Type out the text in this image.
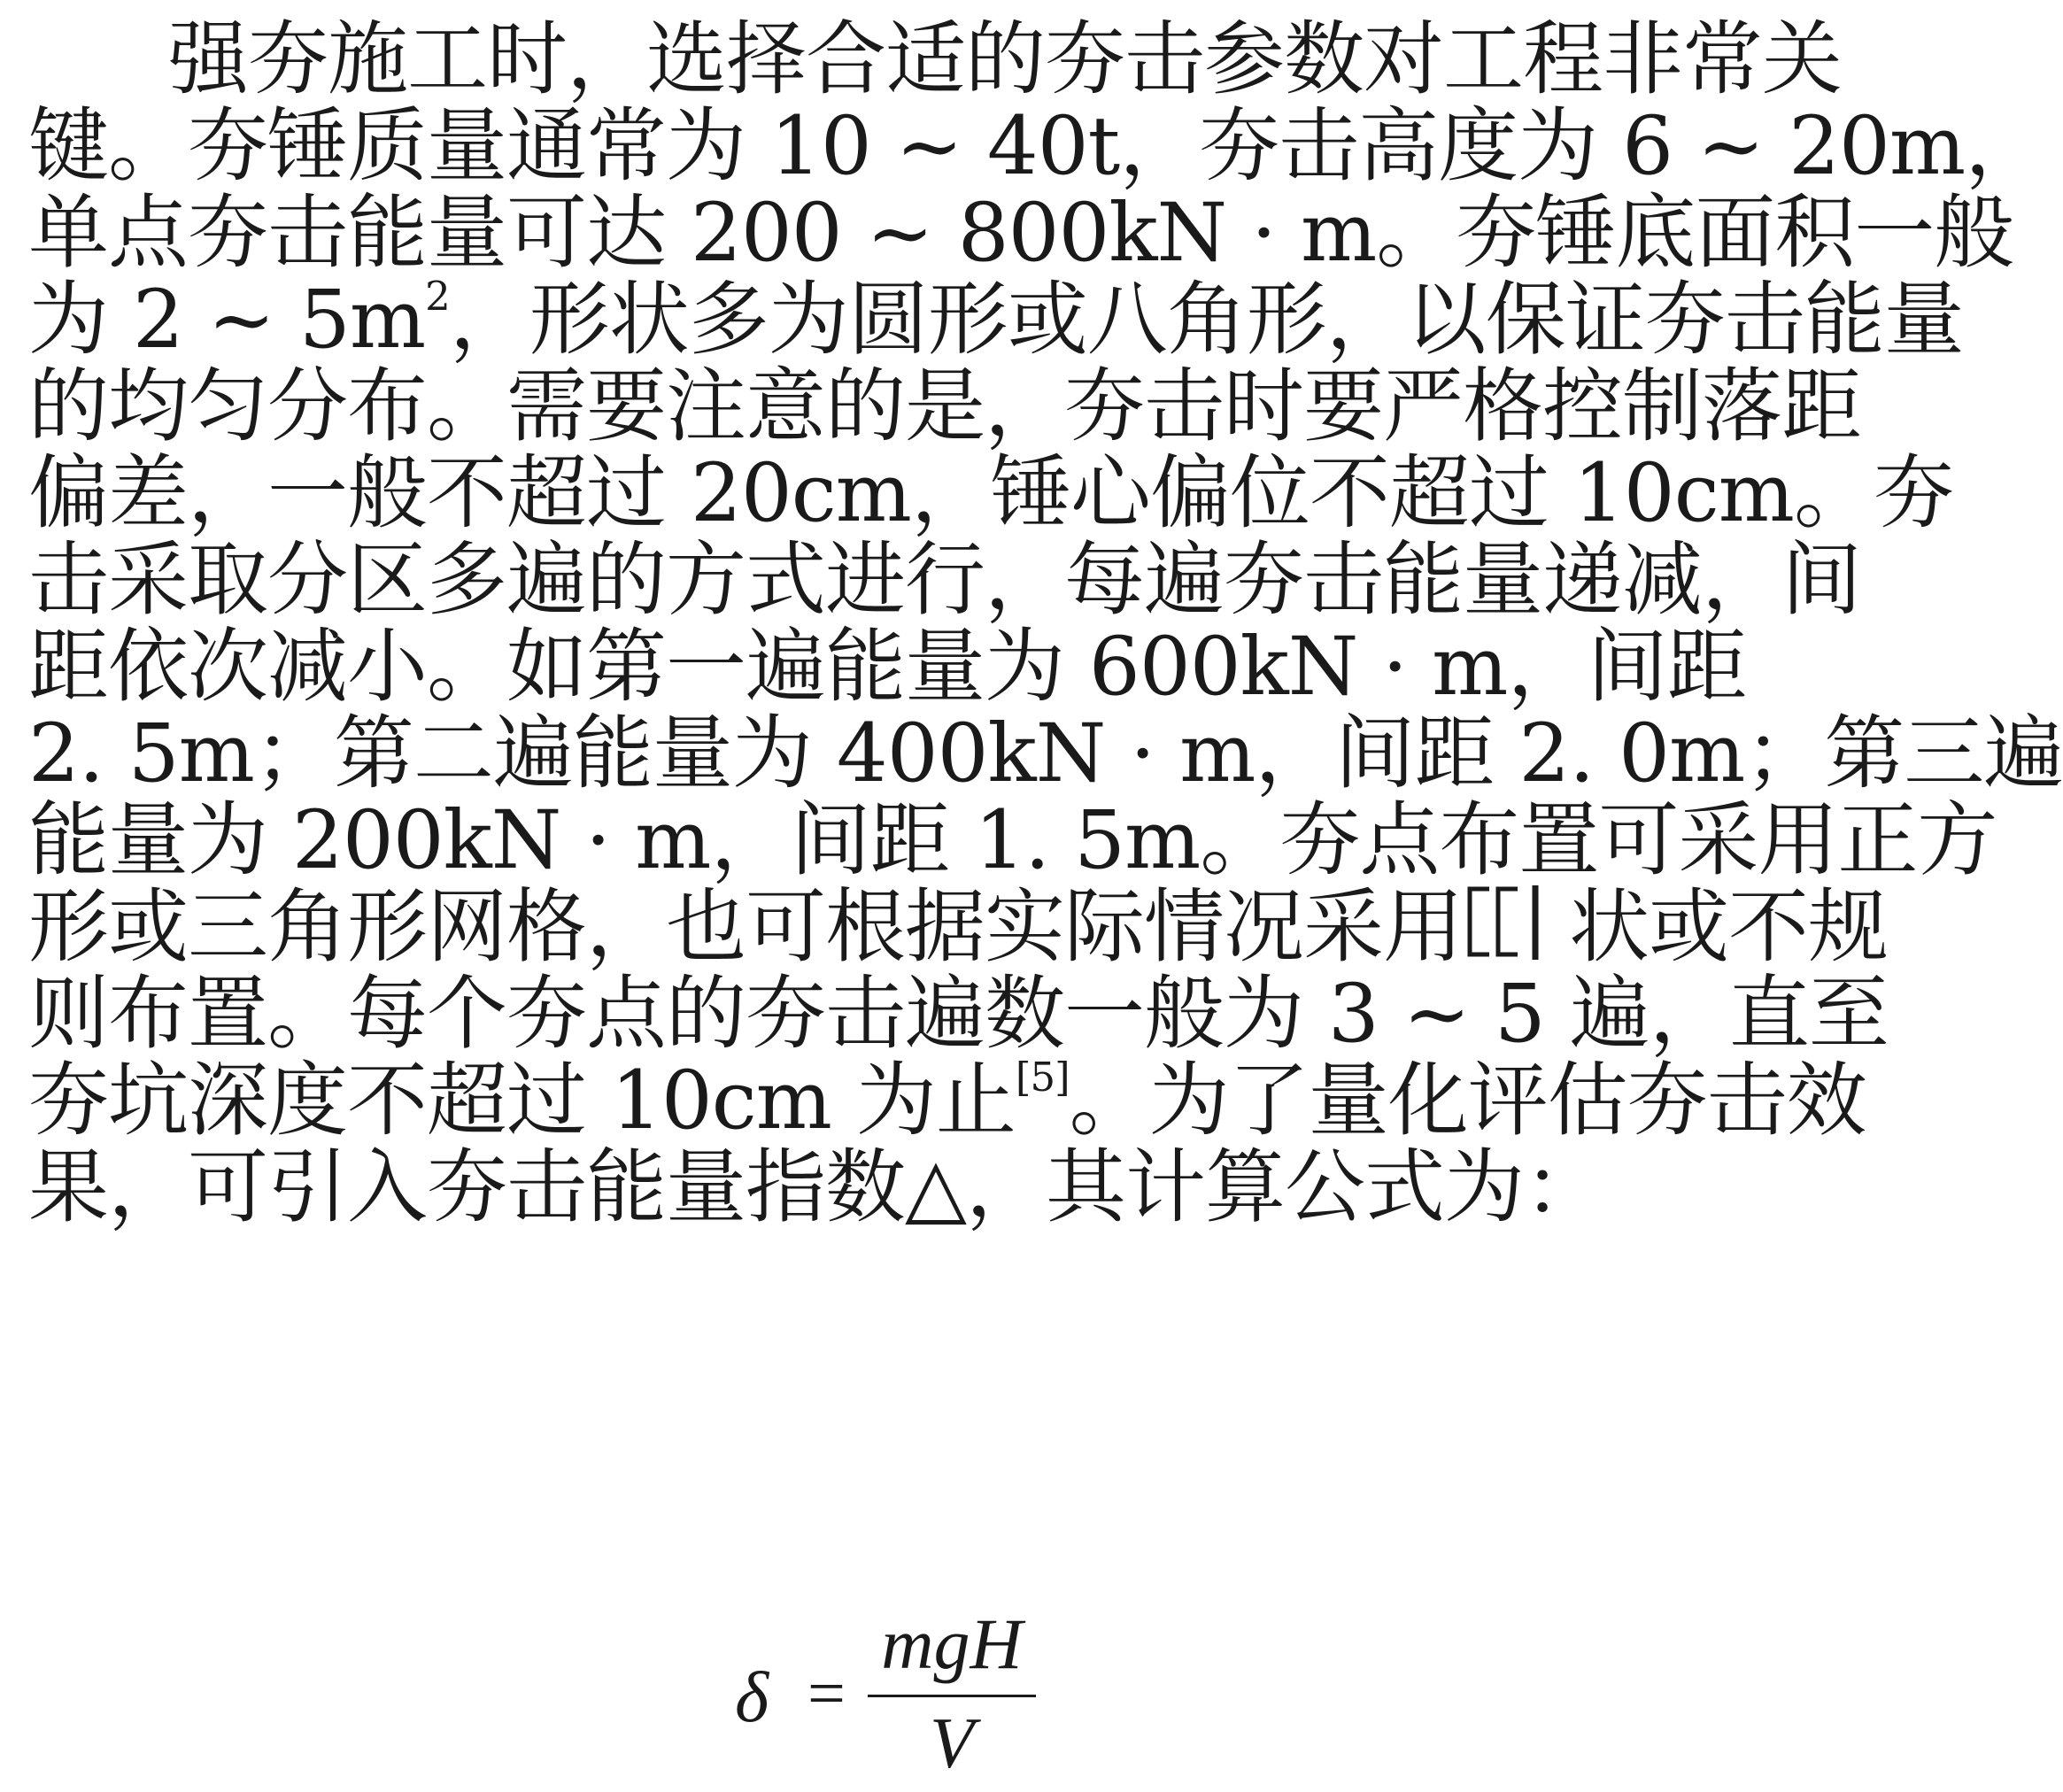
强夯施工时，选择合适的夯击参数对工程非常关
键。夯锤质量通常为 10 ~ 40t，夯击高度为 6 ~ 20m，
单点夯击能量可达 200 ~ 800kN · m。夯锤底面积一般
为 2 ~ $5m^2$，形状多为圆形或八角形，以保证夯击能量
的均匀分布。需要注意的是，夯击时要严格控制落距
偏差，一般不超过 20cm，锤心偏位不超过 10cm。夯
击采取分区多遍的方式进行，每遍夯击能量递减，间
距依次减小。如第一遍能量为 600kN · m，间距
2. 5m；第二遍能量为 400kN · m，间距 2. 0m；第三遍
能量为 200kN · m，间距 1. 5m。夯点布置可采用正方
形或三角形网格，也可根据实际情况采用 状或不规
则布置。每个夯点的夯击遍数一般为 3 ~ 5 遍，直至
夯坑深度不超过 10cm 为止[5]。为了量化评估夯击效
果，可引入夯击能量指数△，其计算公式为：
δ =
mgH
V
